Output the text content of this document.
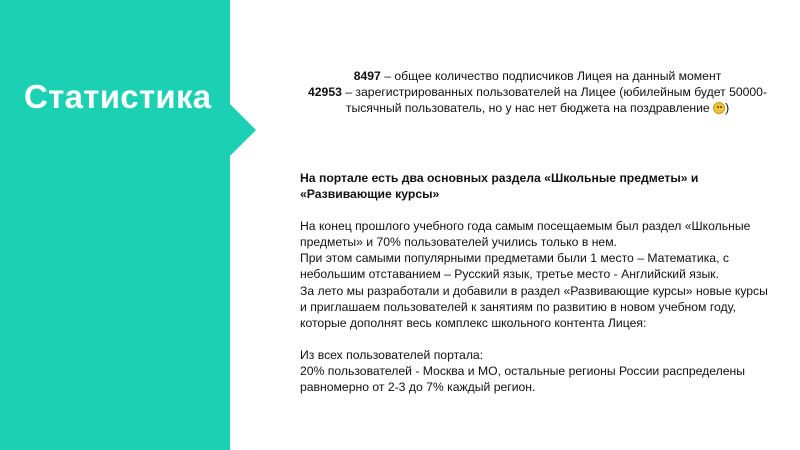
Статистика
8497 – общее количество подписчиков Лицея на данный момент
42953 – зарегистрированных пользователей на Лицее (юбилейным будет 50000-тысячный пользователь, но у нас нет бюджета на поздравление )

На портале есть два основных раздела «Школьные предметы» и «Развивающие курсы»

На конец прошлого учебного года самым посещаемым был раздел «Школьные предметы» и 70% пользователей учились только в нем.

При этом самыми популярными предметами были 1 место – Математика, с небольшим отставанием – Русский язык, третье место - Английский язык.

За лето мы разработали и добавили в раздел «Развивающие курсы» новые курсы и приглашаем пользователей к занятиям по развитию в новом учебном году, которые дополнят весь комплекс школьного контента Лицея:

Из всех пользователей портала:

20% пользователей - Москва и МО, остальные регионы России распределены равномерно от 2-3 до 7% каждый регион.
